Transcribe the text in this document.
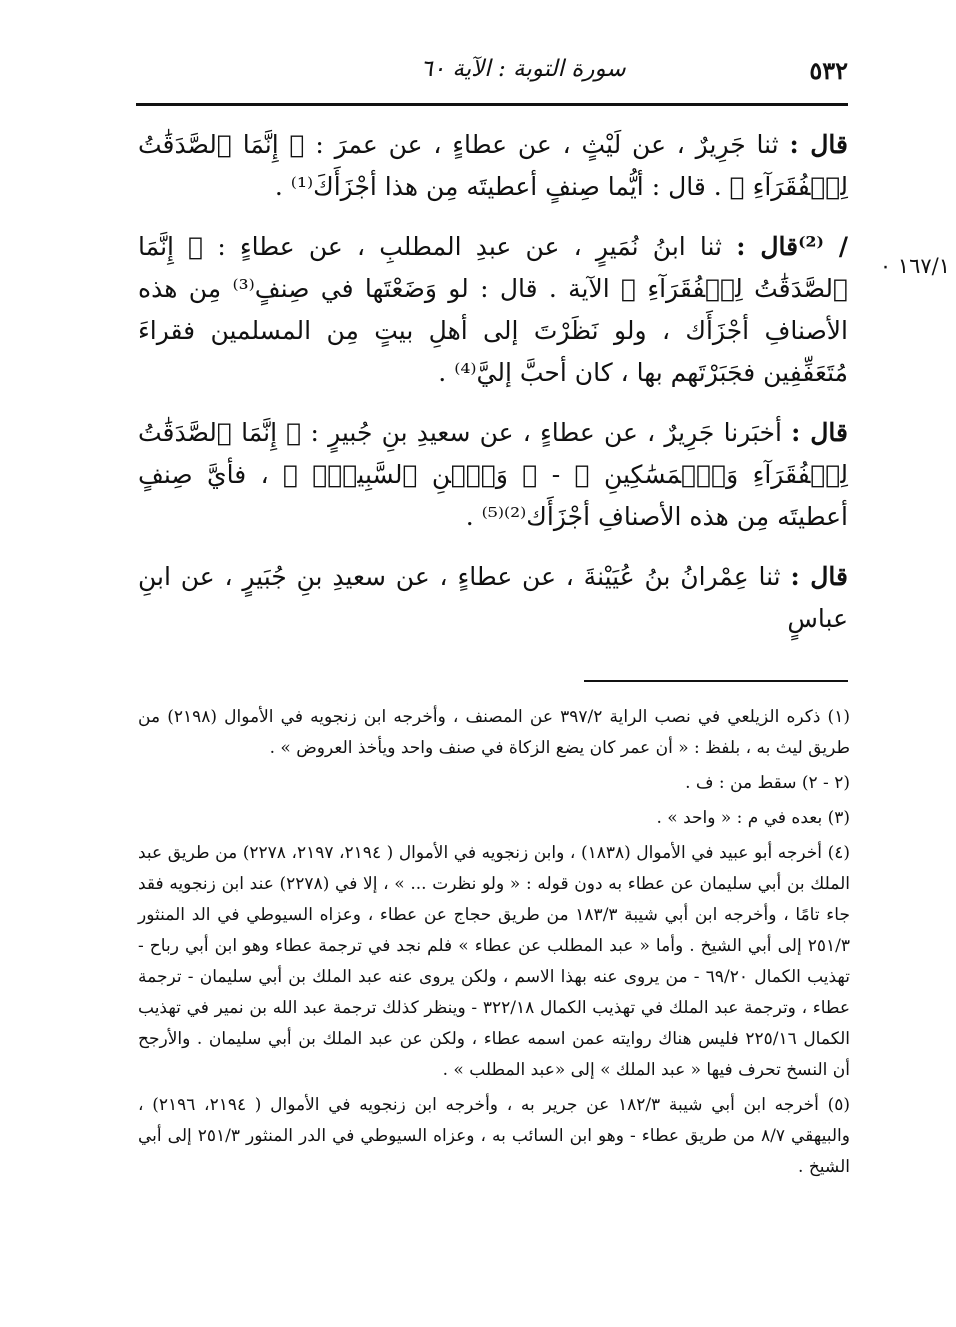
٥٣٢
سورة التوبة : الآية ٦٠
١٦٧/١ ٠

قال : ثنا جَرِيرٌ ، عن لَيْثٍ ، عن عطاءٍ ، عن عمرَ : ﴿ إِنَّمَا ٱلصَّدَقَٰتُ لِلۡفُقَرَآءِ ﴾ . قال : أيُّما صِنفٍ أعطيتَه مِن هذا أجْزَأَكَ⁽¹⁾ .

/ ⁽²⁾قال : ثنا ابنُ نُمَيرٍ ، عن عبدِ المطلبِ ، عن عطاءٍ : ﴿ إِنَّمَا ٱلصَّدَقَٰتُ لِلۡفُقَرَآءِ ﴾ الآية . قال : لو وَضَعْتَها في صِنفٍ⁽³⁾ مِن هذه الأصنافِ أجْزَأَك ، ولو نَظَرْتَ إلى أهلِ بيتٍ مِن المسلمين فقراءَ مُتَعَفِّفِين فجَبَرْتَهم بها ، كان أحبَّ إليَّ⁽⁴⁾ .

قال : أخبَرنا جَرِيرٌ ، عن عطاءٍ ، عن سعيدِ بنِ جُبيرٍ : ﴿ إِنَّمَا ٱلصَّدَقَٰتُ لِلۡفُقَرَآءِ وَٱلۡمَسَٰكِينِ ﴾ - ﴿ وَٱبۡنِ ٱلسَّبِيلِۖ ﴾ ، فأيَّ صِنفٍ أعطيتَه مِن هذه الأصنافِ أجْزَأَك⁽²⁾⁽⁵⁾ .

قال : ثنا عِمْرانُ بنُ عُيَيْنةَ ، عن عطاءٍ ، عن سعيدِ بنِ جُبَيرٍ ، عن ابنِ عباسٍ

(١) ذكره الزيلعي في نصب الراية ٣٩٧/٢ عن المصنف ، وأخرجه ابن زنجويه في الأموال (٢١٩٨) من طريق ليث به ، بلفظ : « أن عمر كان يضع الزكاة في صنف واحد ويأخذ العروض » .

(٢ - ٢) سقط من : ف .

(٣) بعده في م : « واحد » .

(٤) أخرجه أبو عبيد في الأموال (١٨٣٨) ، وابن زنجويه في الأموال ( ٢١٩٤، ٢١٩٧، ٢٢٧٨) من طريق عبد الملك بن أبي سليمان عن عطاء به دون قوله : « ولو نظرت ... » ، إلا في (٢٢٧٨) عند ابن زنجويه فقد جاء تامًا ، وأخرجه ابن أبي شيبة ١٨٣/٣ من طريق حجاج عن عطاء ، وعزاه السيوطي في الد المنثور ٢٥١/٣ إلى أبي الشيخ . وأما « عبد المطلب عن عطاء » فلم نجد في ترجمة عطاء وهو ابن أبي رباح - تهذيب الكمال ٦٩/٢٠ - من يروى عنه بهذا الاسم ، ولكن يروى عنه عبد الملك بن أبي سليمان - ترجمة عطاء ، وترجمة عبد الملك في تهذيب الكمال ٣٢٢/١٨ - وينظر كذلك ترجمة عبد الله بن نمير في تهذيب الكمال ٢٢٥/١٦ فليس هناك روايته عمن اسمه عطاء ، ولكن عن عبد الملك بن أبي سليمان . والأرجح أن النسخ تحرف فيها « عبد الملك » إلى «عبد المطلب » .

(٥) أخرجه ابن أبي شيبة ١٨٢/٣ عن جرير به ، وأخرجه ابن زنجويه في الأموال ( ٢١٩٤، ٢١٩٦) ، والبيهقي ٨/٧ من طريق عطاء - وهو ابن السائب به ، وعزاه السيوطي في الدر المنثور ٢٥١/٣ إلى أبي الشيخ .
